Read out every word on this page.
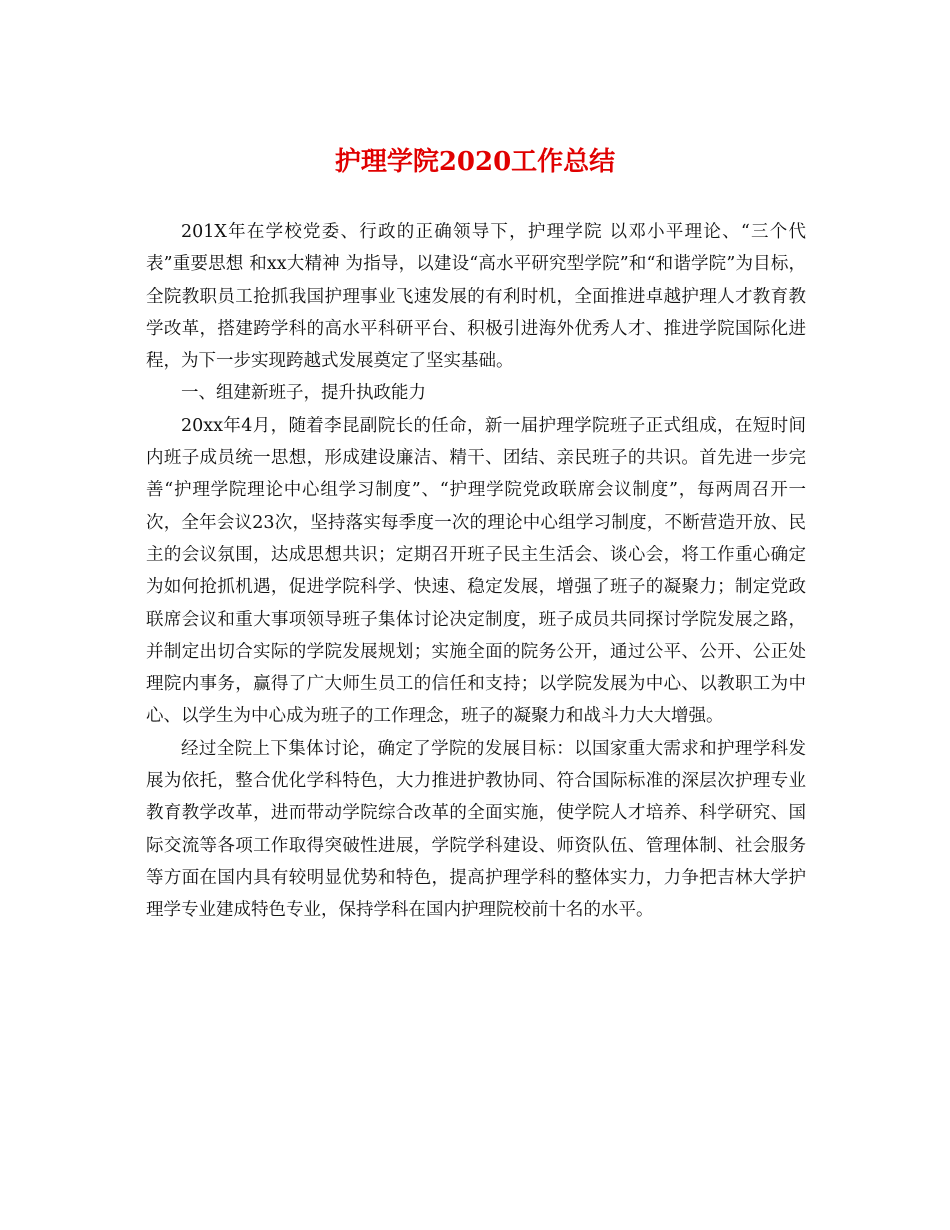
护理学院2020工作总结

201X年在学校党委、行政的正确领导下，护理学院 以邓小平理论、“三个代表”重要思想 和xx大精神 为指导，以建设“高水平研究型学院”和“和谐学院”为目标，全院教职员工抢抓我国护理事业飞速发展的有利时机，全面推进卓越护理人才教育教学改革，搭建跨学科的高水平科研平台、积极引进海外优秀人才、推进学院国际化进程，为下一步实现跨越式发展奠定了坚实基础。

一、组建新班子，提升执政能力

20xx年4月，随着李昆副院长的任命，新一届护理学院班子正式组成，在短时间内班子成员统一思想，形成建设廉洁、精干、团结、亲民班子的共识。首先进一步完善“护理学院理论中心组学习制度”、“护理学院党政联席会议制度”，每两周召开一次，全年会议23次，坚持落实每季度一次的理论中心组学习制度，不断营造开放、民主的会议氛围，达成思想共识；定期召开班子民主生活会、谈心会，将工作重心确定为如何抢抓机遇，促进学院科学、快速、稳定发展，增强了班子的凝聚力；制定党政联席会议和重大事项领导班子集体讨论决定制度，班子成员共同探讨学院发展之路，并制定出切合实际的学院发展规划；实施全面的院务公开，通过公平、公开、公正处理院内事务，赢得了广大师生员工的信任和支持；以学院发展为中心、以教职工为中心、以学生为中心成为班子的工作理念，班子的凝聚力和战斗力大大增强。

经过全院上下集体讨论，确定了学院的发展目标：以国家重大需求和护理学科发展为依托，整合优化学科特色，大力推进护教协同、符合国际标准的深层次护理专业教育教学改革，进而带动学院综合改革的全面实施，使学院人才培养、科学研究、国际交流等各项工作取得突破性进展，学院学科建设、师资队伍、管理体制、社会服务等方面在国内具有较明显优势和特色，提高护理学科的整体实力，力争把吉林大学护理学专业建成特色专业，保持学科在国内护理院校前十名的水平。
